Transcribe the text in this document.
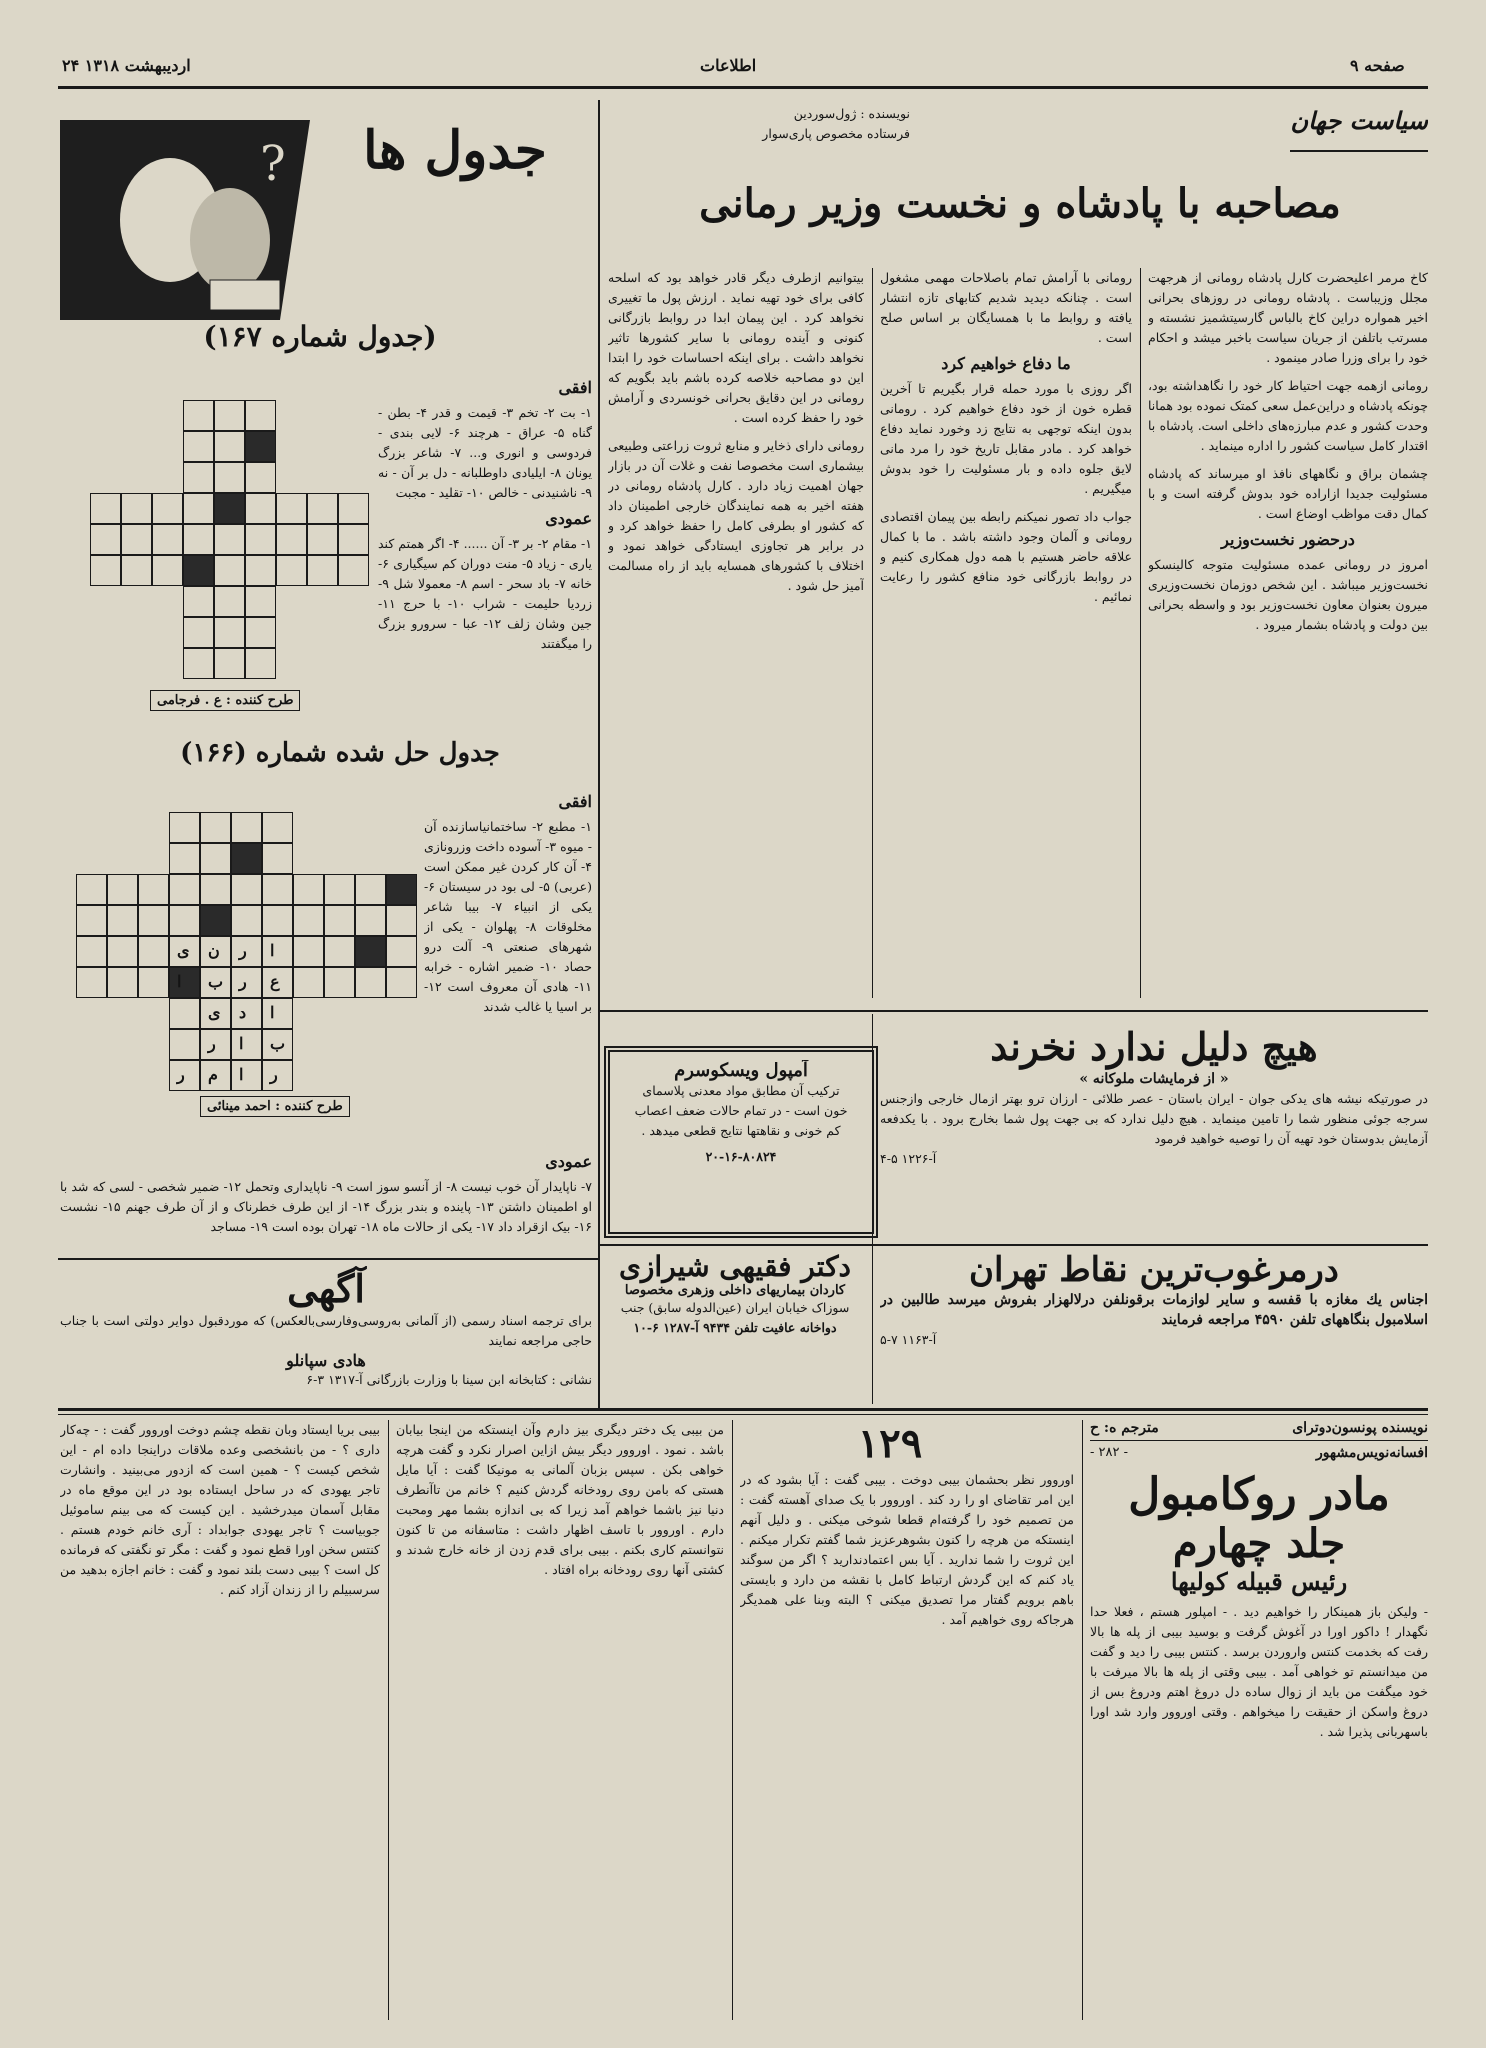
۲۴ اردیبهشت ۱۳۱۸	اطلاعات	صفحه ۹
سیاست جهان
نویسنده : ژول‌سوردین
فرستاده مخصوص پاری‌سوار
مصاحبه با پادشاه و نخست وزیر رمانی

کاخ مرمر اعلیحضرت کارل پادشاه رومانی از هرجهت مجلل وزیباست . پادشاه رومانی در روزهای بحرانی اخیر همواره دراین کاخ بالباس گارسیتشمیز نشسته و مسرتب باتلفن از جریان سیاست باخبر میشد و احکام خود را برای وزرا صادر مینمود .

رومانی ازهمه جهت احتیاط کار خود را نگاهداشته بود، چونکه پادشاه و دراین‌عمل سعی کمتک نموده بود همانا وحدت کشور و عدم مبارزه‌های داخلی است. پادشاه با اقتدار کامل سیاست کشور را اداره مینماید .

چشمان براق و نگاههای نافذ او میرساند که پادشاه مسئولیت جدیدا ازاراده خود بدوش گرفته است و با کمال دقت مواظب اوضاع است .

درحضور نخست‌وزیر

امروز در رومانی عمده مسئولیت متوجه کالینسکو نخست‌وزیر میباشد . این شخص دوزمان نخست‌وزیری میرون بعنوان معاون نخست‌وزیر بود و واسطه بحرانی بین دولت و پادشاه بشمار میرود .

رومانی با آرامش تمام باصلاحات مهمی مشغول است . چنانکه دیدید شدیم کتابهای تازه انتشار یافته و روابط ما با همسایگان بر اساس صلح است .

ما دفاع خواهیم کرد

اگر روزی با مورد حمله قرار بگیریم تا آخرین قطره خون از خود دفاع خواهیم کرد . رومانی بدون اینکه توجهی به نتایج زد وخورد نماید دفاع خواهد کرد . مادر مقابل تاریخ خود را مرد مانی لایق جلوه داده و بار مسئولیت را خود بدوش میگیریم .

جواب داد تصور نمیکنم رابطه بین پیمان اقتصادی رومانی و آلمان وجود داشته باشد . ما با کمال علاقه حاضر هستیم با همه دول همکاری کنیم و در روابط بازرگانی خود منافع کشور را رعایت نمائیم .

بیتوانیم ازطرف دیگر قادر خواهد بود که اسلحه کافی برای خود تهیه نماید . ارزش پول ما تغییری نخواهد کرد . این پیمان ابدا در روابط بازرگانی کنونی و آینده رومانی با سایر کشورها تاثیر نخواهد داشت . برای اینکه احساسات خود را ابتدا این دو مصاحبه خلاصه کرده باشم باید بگویم که رومانی در این دقایق بحرانی خونسردی و آرامش خود را حفظ کرده است .

رومانی دارای ذخایر و منابع ثروت زراعتی وطبیعی بیشماری است مخصوصا نفت و غلات آن در بازار جهان اهمیت زیاد دارد . کارل پادشاه رومانی در هفته اخیر به همه نمایندگان خارجی اطمینان داد که کشور او بطرفی کامل را حفظ خواهد کرد و در برابر هر تجاوزی ایستادگی خواهد نمود و اختلاف با کشورهای همسایه باید از راه مسالمت آمیز حل شود .

آمپول ویسکوسرم
ترکیب آن مطابق مواد معدنی پلاسمای
خون است - در تمام حالات ضعف اعصاب
کم خونی و نقاهتها نتایج قطعی میدهد .
۲۰-۱۶-۸۰۸۲۴
هیچ دلیل ندارد نخرند
« از فرمایشات ملوکانه »

در صورتیکه نیشه های یدکی جوان - ایران باستان - عصر طلائی - ارزان ترو بهتر ازمال خارجی وازجنس سرجه جوئی منظور شما را تامین مینماید . هیچ دلیل ندارد که بی جهت پول شما بخارج برود . با یکدفعه آزمایش بدوستان خود تهیه آن را توصیه خواهید فرمود

آ-۱۲۲۶ ۵-۴
دکتر فقیهی شیرازی
کاردان بیماریهای داخلی وزهری مخصوصا
سوزاک خیابان ایران (عین‌الدوله سابق) جنب
دواخانه عافیت تلفن ۹۴۳۴ آ-۱۲۸۷ ۶-۱۰
درمرغوب‌ترین نقاط تهران

اجناس یك مغازه با قفسه و سایر لوازمات برقونلفن درلالهزار بفروش میرسد طالبین در اسلامبول بنگاههای تلفن ۴۵۹۰ مراجعه فرمایند

آ-۱۱۶۳ ۷-۵
?	جدول ها
(جدول شماره ۱۶۷)
طرح کننده : ع . فرجامی
افقی

۱- بت ۲- تخم ۳- قیمت و قدر ۴- بطن - گناه ۵- عراق - هرچند ۶- لایی بندی - فردوسی و انوری و... ۷- شاعر بزرگ یونان ۸- ایلیادی داوطلبانه - دل بر آن - نه ۹- ناشنیدنی - خالص ۱۰- تقلید - مجبت

عمودی

۱- مقام ۲- بر ۳- آن ...... ۴- اگر همتم کند یاری - زیاد ۵- منت دوران کم سیگیاری ۶- خانه ۷- باد سحر - اسم ۸- معمولا شل ۹- زردیا حلیمت - شراب ۱۰- با حرج ۱۱- جین وشان زلف ۱۲- عبا - سرورو بزرگ را میگفتند

جدول حل شده شماره (۱۶۶)
ر
ا
م
ر
ب
ا
ر
ا
د
ی
ع
ر
ب
ا
ا
ر
ن
ی
طرح کننده : احمد مینائی
افقی

۱- مطبع ۲- ساختمانیاسازنده آن - میوه ۳- آسوده داخت وزرونازی ۴- آن کار کردن غیر ممکن است (عربی) ۵- لی بود در سیستان ۶- یکی از انبیاء ۷- بیبا شاعر مخلوقات ۸- پهلوان - یکی از شهرهای صنعتی ۹- آلت درو حصاد ۱۰- ضمیر اشاره - خرابه ۱۱- هادی آن معروف است ۱۲- بر اسیا یا غالب شدند

عمودی

۷- ناپایدار آن خوب نیست ۸- از آنسو سوز است ۹- ناپایداری وتحمل ۱۲- ضمیر شخصی - لسی که شد با او اطمینان داشتن ۱۳- پاینده و بندر بزرگ ۱۴- از این طرف خطرناک و از آن طرف جهنم ۱۵- نشست ۱۶- بیک ازقراد داد ۱۷- یکی از حالات ماه ۱۸- تهران بوده است ۱۹- مساجد

آگهی

برای ترجمه اسناد رسمی (از آلمانی به‌روسی‌وفارسی‌بالعکس) که موردقبول دوایر دولتی است با جناب حاجی مراجعه نمایند

هادی سپانلو
نشانی : کتابخانه ابن سینا با وزارت بازرگانی آ-۱۳۱۷ ۳-۶
نویسنده پونسون‌دوترای
مترجم ه: ح
افسانه‌نویس‌مشهور
- ۲۸۲ -
مادر روکامبول
جلد چهارم
رئیس قبیله کولیها

- ولیکن باز همینکار را خواهیم دید . - امپلور هستم ، فعلا حدا نگهدار ! داکور اورا در آغوش گرفت و بوسید بیبی از پله ها بالا رفت که بخدمت کنتس واروردن برسد . کنتس بیبی را دید و گفت من میدانستم تو خواهی آمد . بیبی وقتی از پله ها بالا میرفت با خود میگفت من باید از زوال ساده دل دروغ اهتم ودروغ بس از دروغ واسکن از حقیقت را میخواهم . وقتی اوروور وارد شد اورا باسهربانی پذیرا شد .

۱۲۹

اوروور نظر بحشمان بیبی دوخت . بیبی گفت : آیا بشود که در این امر تقاضای او را رد کند . اوروور با یک صدای آهسته گفت : من تصمیم خود را گرفته‌ام قطعا شوخی میکنی . و دلیل آنهم اینستکه من هرچه را کنون بشوهرعزیز شما گفتم تکرار میکنم . این ثروت را شما ندارید . آیا بس اعتمادندارید ؟ اگر من سوگند یاد کنم که این گردش ارتباط کامل با نقشه من دارد و بایستی باهم برویم گفتار مرا تصدیق میکنی ؟ البته وبنا علی همدیگر هرجاکه روی خواهیم آمد .

من بیبی یک دختر دیگری بیز دارم وآن اینستکه من اینجا بیابان باشد . نمود . اوروور دیگر بیش ازاین اصرار نکرد و گفت هرچه خواهی بکن . سپس بزبان آلمانی به مونیکا گفت : آیا مایل هستی که بامن روی رودخانه گردش کنیم ؟ خانم من تاآنطرف دنیا نیز باشما خواهم آمد زیرا که بی اندازه بشما مهر ومحبت دارم . اوروور با تاسف اظهار داشت : متاسفانه من تا کنون نتوانستم کاری بکنم . بیبی برای قدم زدن از خانه خارج شدند و کشتی آنها روی رودخانه براه افتاد .

بیبی بریا ایستاد وبان نقطه چشم دوخت اوروور گفت : - چه‌کار داری ؟ - من بانشخصی وعده ملاقات دراینجا داده ام - این شخص کیست ؟ - همین است که ازدور می‌بینید . وانشارت تاجر یهودی که در ساحل ایستاده بود در این موقع ماه در مقابل آسمان میدرخشید . این کیست که می بینم ساموئیل جوبیاست ؟ تاجر یهودی جوابداد : آری خانم خودم هستم . کنتس سخن اورا قطع نمود و گفت : مگر تو نگفتی که فرمانده کل است ؟ بیبی دست بلند نمود و گفت : خانم اجازه بدهید من سرسبیلم را از زندان آزاد کنم .
